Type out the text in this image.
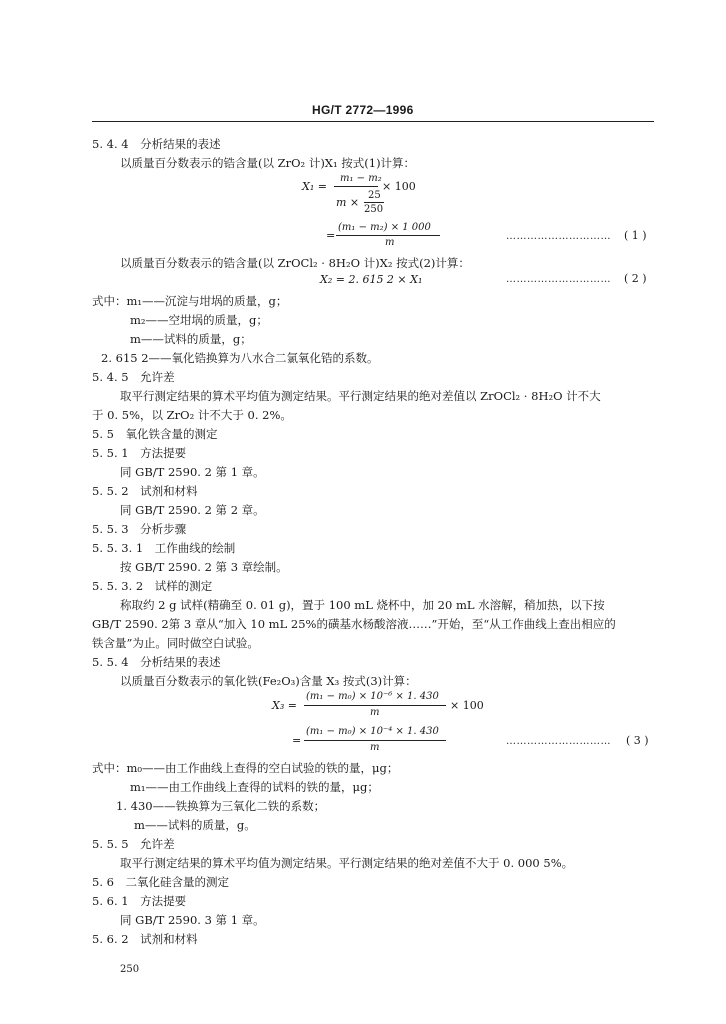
HG/T 2772—1996
5. 4. 4　分析结果的表述
以质量百分数表示的锆含量(以 ZrO₂ 计)X₁ 按式(1)计算：
X₁ =
m₁ − m₂
× 100
m ×
25
250
=
(m₁ − m₂) × 1 000
m
………………………… ( 1 )
以质量百分数表示的锆含量(以 ZrOCl₂ · 8H₂O 计)X₂ 按式(2)计算：
X₂ = 2. 615 2 × X₁	………………………… ( 2 )
式中：m₁——沉淀与坩埚的质量，g；
m₂——空坩埚的质量，g；
m——试料的质量，g；
2. 615 2——氧化锆换算为八水合二氯氧化锆的系数。
5. 4. 5　允许差
取平行测定结果的算术平均值为测定结果。平行测定结果的绝对差值以 ZrOCl₂ · 8H₂O 计不大
于 0. 5%，以 ZrO₂ 计不大于 0. 2%。
5. 5　氧化铁含量的测定
5. 5. 1　方法提要
同 GB/T 2590. 2 第 1 章。
5. 5. 2　试剂和材料
同 GB/T 2590. 2 第 2 章。
5. 5. 3　分析步骤
5. 5. 3. 1　工作曲线的绘制
按 GB/T 2590. 2 第 3 章绘制。
5. 5. 3. 2　试样的测定
称取约 2 g 试样(精确至 0. 01 g)，置于 100 mL 烧杯中，加 20 mL 水溶解，稍加热，以下按
GB/T 2590. 2第 3 章从“加入 10 mL 25%的磺基水杨酸溶液……”开始，至“从工作曲线上查出相应的
铁含量”为止。同时做空白试验。
5. 5. 4　分析结果的表述
以质量百分数表示的氧化铁(Fe₂O₃)含量 X₃ 按式(3)计算：
X₃ =
(m₁ − m₀) × 10⁻⁶ × 1. 430
× 100
m
=
(m₁ − m₀) × 10⁻⁴ × 1. 430
m
………………………… ( 3 )
式中：m₀——由工作曲线上查得的空白试验的铁的量，μg；
m₁——由工作曲线上查得的试料的铁的量，μg；
1. 430——铁换算为三氧化二铁的系数；
m——试料的质量，g。
5. 5. 5　允许差
取平行测定结果的算术平均值为测定结果。平行测定结果的绝对差值不大于 0. 000 5%。
5. 6　二氧化硅含量的测定
5. 6. 1　方法提要
同 GB/T 2590. 3 第 1 章。
5. 6. 2　试剂和材料
250
